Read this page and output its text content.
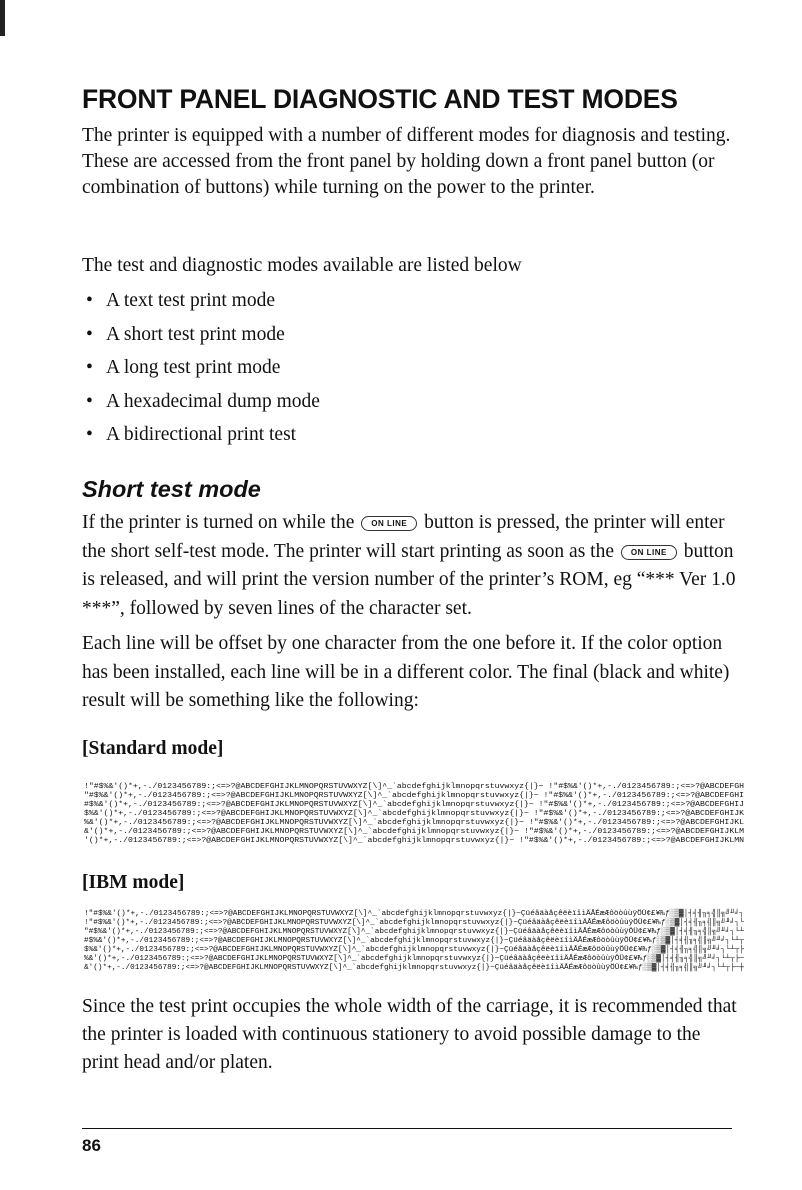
FRONT PANEL DIAGNOSTIC AND TEST MODES

The printer is equipped with a number of different modes for diagnosis and testing. These are accessed from the front panel by holding down a front panel button (or combination of buttons) while turning on the power to the printer.

The test and diagnostic modes available are listed below

• A text test print mode
• A short test print mode
• A long test print mode
• A hexadecimal dump mode
• A bidirectional print test
Short test mode

If the printer is turned on while the ON LINE button is pressed, the printer will enter the short self-test mode. The printer will start printing as soon as the ON LINE button is released, and will print the version number of the printer’s ROM, eg “*** Ver 1.0 ***”, followed by seven lines of the character set.

Each line will be offset by one character from the one before it. If the color option has been installed, each line will be in a different color. The final (black and white) result will be something like the following:

[Standard mode]
!"#$%&'()*+,-./0123456789:;<=>?@ABCDEFGHIJKLMNOPQRSTUVWXYZ[\]^_`abcdefghijklmnopqrstuvwxyz{|}~ !"#$%&'()*+,-./0123456789:;<=>?@ABCDEFGH
"#$%&'()*+,-./0123456789:;<=>?@ABCDEFGHIJKLMNOPQRSTUVWXYZ[\]^_`abcdefghijklmnopqrstuvwxyz{|}~ !"#$%&'()*+,-./0123456789:;<=>?@ABCDEFGHI
#$%&'()*+,-./0123456789:;<=>?@ABCDEFGHIJKLMNOPQRSTUVWXYZ[\]^_`abcdefghijklmnopqrstuvwxyz{|}~ !"#$%&'()*+,-./0123456789:;<=>?@ABCDEFGHIJ
$%&'()*+,-./0123456789:;<=>?@ABCDEFGHIJKLMNOPQRSTUVWXYZ[\]^_`abcdefghijklmnopqrstuvwxyz{|}~ !"#$%&'()*+,-./0123456789:;<=>?@ABCDEFGHIJK
%&'()*+,-./0123456789:;<=>?@ABCDEFGHIJKLMNOPQRSTUVWXYZ[\]^_`abcdefghijklmnopqrstuvwxyz{|}~ !"#$%&'()*+,-./0123456789:;<=>?@ABCDEFGHIJKL
&'()*+,-./0123456789:;<=>?@ABCDEFGHIJKLMNOPQRSTUVWXYZ[\]^_`abcdefghijklmnopqrstuvwxyz{|}~ !"#$%&'()*+,-./0123456789:;<=>?@ABCDEFGHIJKLM
'()*+,-./0123456789:;<=>?@ABCDEFGHIJKLMNOPQRSTUVWXYZ[\]^_`abcdefghijklmnopqrstuvwxyz{|}~ !"#$%&'()*+,-./0123456789:;<=>?@ABCDEFGHIJKLMN
[IBM mode]
!"#$%&'()*+,-./0123456789:;<=>?@ABCDEFGHIJKLMNOPQRSTUVWXYZ[\]^_`abcdefghijklmnopqrstuvwxyz{|}~ÇüéâäàåçêëèïîìÄÅÉæÆôöòûùÿÖÜ¢£¥₧ƒ░▒▓│┤╡╢╖╕╣║╗╝╜╛┐
!"#$%&'()*+,-./0123456789:;<=>?@ABCDEFGHIJKLMNOPQRSTUVWXYZ[\]^_`abcdefghijklmnopqrstuvwxyz{|}~ÇüéâäàåçêëèïîìÄÅÉæÆôöòûùÿÖÜ¢£¥₧ƒ░▒▓│┤╡╢╖╕╣║╗╝╜╛┐└
"#$%&'()*+,-./0123456789:;<=>?@ABCDEFGHIJKLMNOPQRSTUVWXYZ[\]^_`abcdefghijklmnopqrstuvwxyz{|}~ÇüéâäàåçêëèïîìÄÅÉæÆôöòûùÿÖÜ¢£¥₧ƒ░▒▓│┤╡╢╖╕╣║╗╝╜╛┐└┴
#$%&'()*+,-./0123456789:;<=>?@ABCDEFGHIJKLMNOPQRSTUVWXYZ[\]^_`abcdefghijklmnopqrstuvwxyz{|}~ÇüéâäàåçêëèïîìÄÅÉæÆôöòûùÿÖÜ¢£¥₧ƒ░▒▓│┤╡╢╖╕╣║╗╝╜╛┐└┴┬
$%&'()*+,-./0123456789:;<=>?@ABCDEFGHIJKLMNOPQRSTUVWXYZ[\]^_`abcdefghijklmnopqrstuvwxyz{|}~ÇüéâäàåçêëèïîìÄÅÉæÆôöòûùÿÖÜ¢£¥₧ƒ░▒▓│┤╡╢╖╕╣║╗╝╜╛┐└┴┬├
%&'()*+,-./0123456789:;<=>?@ABCDEFGHIJKLMNOPQRSTUVWXYZ[\]^_`abcdefghijklmnopqrstuvwxyz{|}~ÇüéâäàåçêëèïîìÄÅÉæÆôöòûùÿÖÜ¢£¥₧ƒ░▒▓│┤╡╢╖╕╣║╗╝╜╛┐└┴┬├─
&'()*+,-./0123456789:;<=>?@ABCDEFGHIJKLMNOPQRSTUVWXYZ[\]^_`abcdefghijklmnopqrstuvwxyz{|}~ÇüéâäàåçêëèïîìÄÅÉæÆôöòûùÿÖÜ¢£¥₧ƒ░▒▓│┤╡╢╖╕╣║╗╝╜╛┐└┴┬├─┼

Since the test print occupies the whole width of the carriage, it is recommended that the printer is loaded with continuous stationery to avoid possible damage to the print head and/or platen.

86
